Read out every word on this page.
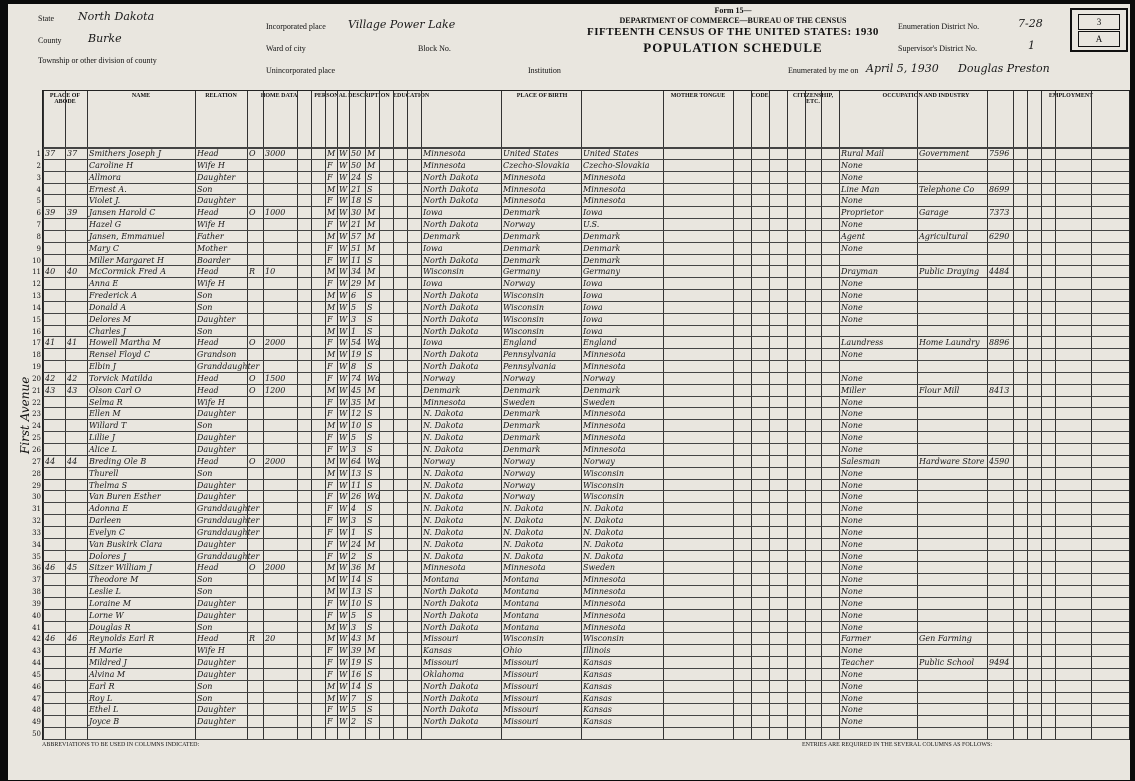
State North Dakota
County Burke
Township or other division of county
Incorporated place Village Power Lake
Ward of city	Block No.
Unincorporated place	Institution
Form 15—
DEPARTMENT OF COMMERCE—BUREAU OF THE CENSUS
FIFTEENTH CENSUS OF THE UNITED STATES: 1930
POPULATION SCHEDULE
Enumeration District No.	7-28
Supervisor's District No.	1
Enumerated by me on April 5, 1930 Douglas Preston
3
A
First Avenue
PLACE OF ABODE
NAME	RELATION	HOME DATA	PERSONAL DESCRIPTION EDUCATION	PLACE OF BIRTH	MOTHER TONGUE	CODE	CITIZENSHIP, ETC.
OCCUPATION AND INDUSTRY	EMPLOYMENT
1 37	37	Smithers Joseph J	Head	O	3000	M W 50 M	Minnesota	United States	United States	Rural Mail	Government	7596
2	Caroline H	Wife H	F W 50 M	Minnesota	Czecho-Slovakia	Czecho-Slovakia	None
3	Allmora	Daughter	F W 24 S	North Dakota	Minnesota	Minnesota	None
4	Ernest A.	Son	M W 21 S	North Dakota	Minnesota	Minnesota	Line Man	Telephone Co	8699
5	Violet J.	Daughter	F W 18 S	North Dakota	Minnesota	Minnesota	None
6 39	39	Jansen Harold C	Head	O	1000	M W 30 M	Iowa	Denmark	Iowa	Proprietor	Garage	7373
7	Hazel G	Wife H	F W 21 M	North Dakota	Norway	U.S.	None
8	Jansen, Emmanuel	Father	M W 57 M	Denmark	Denmark	Denmark	Agent	Agricultural	6290
9	Mary C	Mother	F W 51 M	Iowa	Denmark	Denmark	None
10	Miller Margaret H	Boarder	F W 11 S	North Dakota	Denmark	Denmark
11 40	40	McCormick Fred A	Head	R	10	M W 34 M	Wisconsin	Germany	Germany	Drayman	Public Draying	4484
12	Anna E	Wife H	F W 29 M	Iowa	Norway	Iowa	None
13	Frederick A	Son	M W 6	S	North Dakota	Wisconsin	Iowa	None
14	Donald A	Son	M W 5	S	North Dakota	Wisconsin	Iowa	None
15	Delores M	Daughter	F W 3	S	North Dakota	Wisconsin	Iowa	None
16	Charles J	Son	M W 1	S	North Dakota	Wisconsin	Iowa
17 41	41	Howell Martha M	Head	O	2000	F W 54 Wd	Iowa	England	England	Laundress	Home Laundry	8896
18	Rensel Floyd C	Grandson	M W 19 S	North Dakota	Pennsylvania	Minnesota	None
19	Elbin J	Granddaughter	F W 8	S	North Dakota	Pennsylvania	Minnesota
20 42	42	Torvick Matilda	Head	O	1500	F W 74 Wd	Norway	Norway	Norway	None
21 43	43	Olson Carl O	Head	O	1200	M W 45 M	Denmark	Denmark	Denmark	Miller	Flour Mill	8413
22	Selma R	Wife H	F W 35 M	Minnesota	Sweden	Sweden	None
23	Ellen M	Daughter	F W 12 S	N. Dakota	Denmark	Minnesota	None
24	Willard T	Son	M W 10 S	N. Dakota	Denmark	Minnesota	None
25	Lillie J	Daughter	F W 5	S	N. Dakota	Denmark	Minnesota	None
26	Alice L	Daughter	F W 3	S	N. Dakota	Denmark	Minnesota	None
27 44	44	Breding Ole B	Head	O	2000	M W 64 Wd	Norway	Norway	Norway	Salesman	Hardware Store 4590
28	Thurell	Son	M W 13 S	N. Dakota	Norway	Wisconsin	None
29	Thelma S	Daughter	F W 11 S	N. Dakota	Norway	Wisconsin	None
30	Van Buren Esther	Daughter	F W 26 Wd	N. Dakota	Norway	Wisconsin	None
31	Adonna E	Granddaughter	F W 4	S	N. Dakota	N. Dakota	N. Dakota	None
32	Darleen	Granddaughter	F W 3	S	N. Dakota	N. Dakota	N. Dakota	None
33	Evelyn C	Granddaughter	F W 1	S	N. Dakota	N. Dakota	N. Dakota	None
34	Van Buskirk Clara	Daughter	F W 24 M	N. Dakota	N. Dakota	N. Dakota	None
35	Dolores J	Granddaughter	F W 2	S	N. Dakota	N. Dakota	N. Dakota	None
36 46	45	Sitzer William J	Head	O	2000	M W 36 M	Minnesota	Minnesota	Sweden	None
37	Theodore M	Son	M W 14 S	Montana	Montana	Minnesota	None
38	Leslie L	Son	M W 13 S	North Dakota	Montana	Minnesota	None
39	Loraine M	Daughter	F W 10 S	North Dakota	Montana	Minnesota	None
40	Lorne W	Daughter	F W 5	S	North Dakota	Montana	Minnesota	None
41	Douglas R	Son	M W 3	S	North Dakota	Montana	Minnesota	None
42 46	46	Reynolds Earl R	Head	R	20	M W 43 M	Missouri	Wisconsin	Wisconsin	Farmer	Gen Farming
43	H Marie	Wife H	F W 39 M	Kansas	Ohio	Illinois	None
44	Mildred J	Daughter	F W 19 S	Missouri	Missouri	Kansas	Teacher	Public School	9494
45	Alvina M	Daughter	F W 16 S	Oklahoma	Missouri	Kansas	None
46	Earl R	Son	M W 14 S	North Dakota	Missouri	Kansas	None
47	Roy L	Son	M W 7	S	North Dakota	Missouri	Kansas	None
48	Ethel L	Daughter	F W 5	S	North Dakota	Missouri	Kansas	None
49	Joyce B	Daughter	F W 2	S	North Dakota	Missouri	Kansas	None
50
ABBREVIATIONS TO BE USED IN COLUMNS INDICATED:	ENTRIES ARE REQUIRED IN THE SEVERAL COLUMNS AS FOLLOWS:
